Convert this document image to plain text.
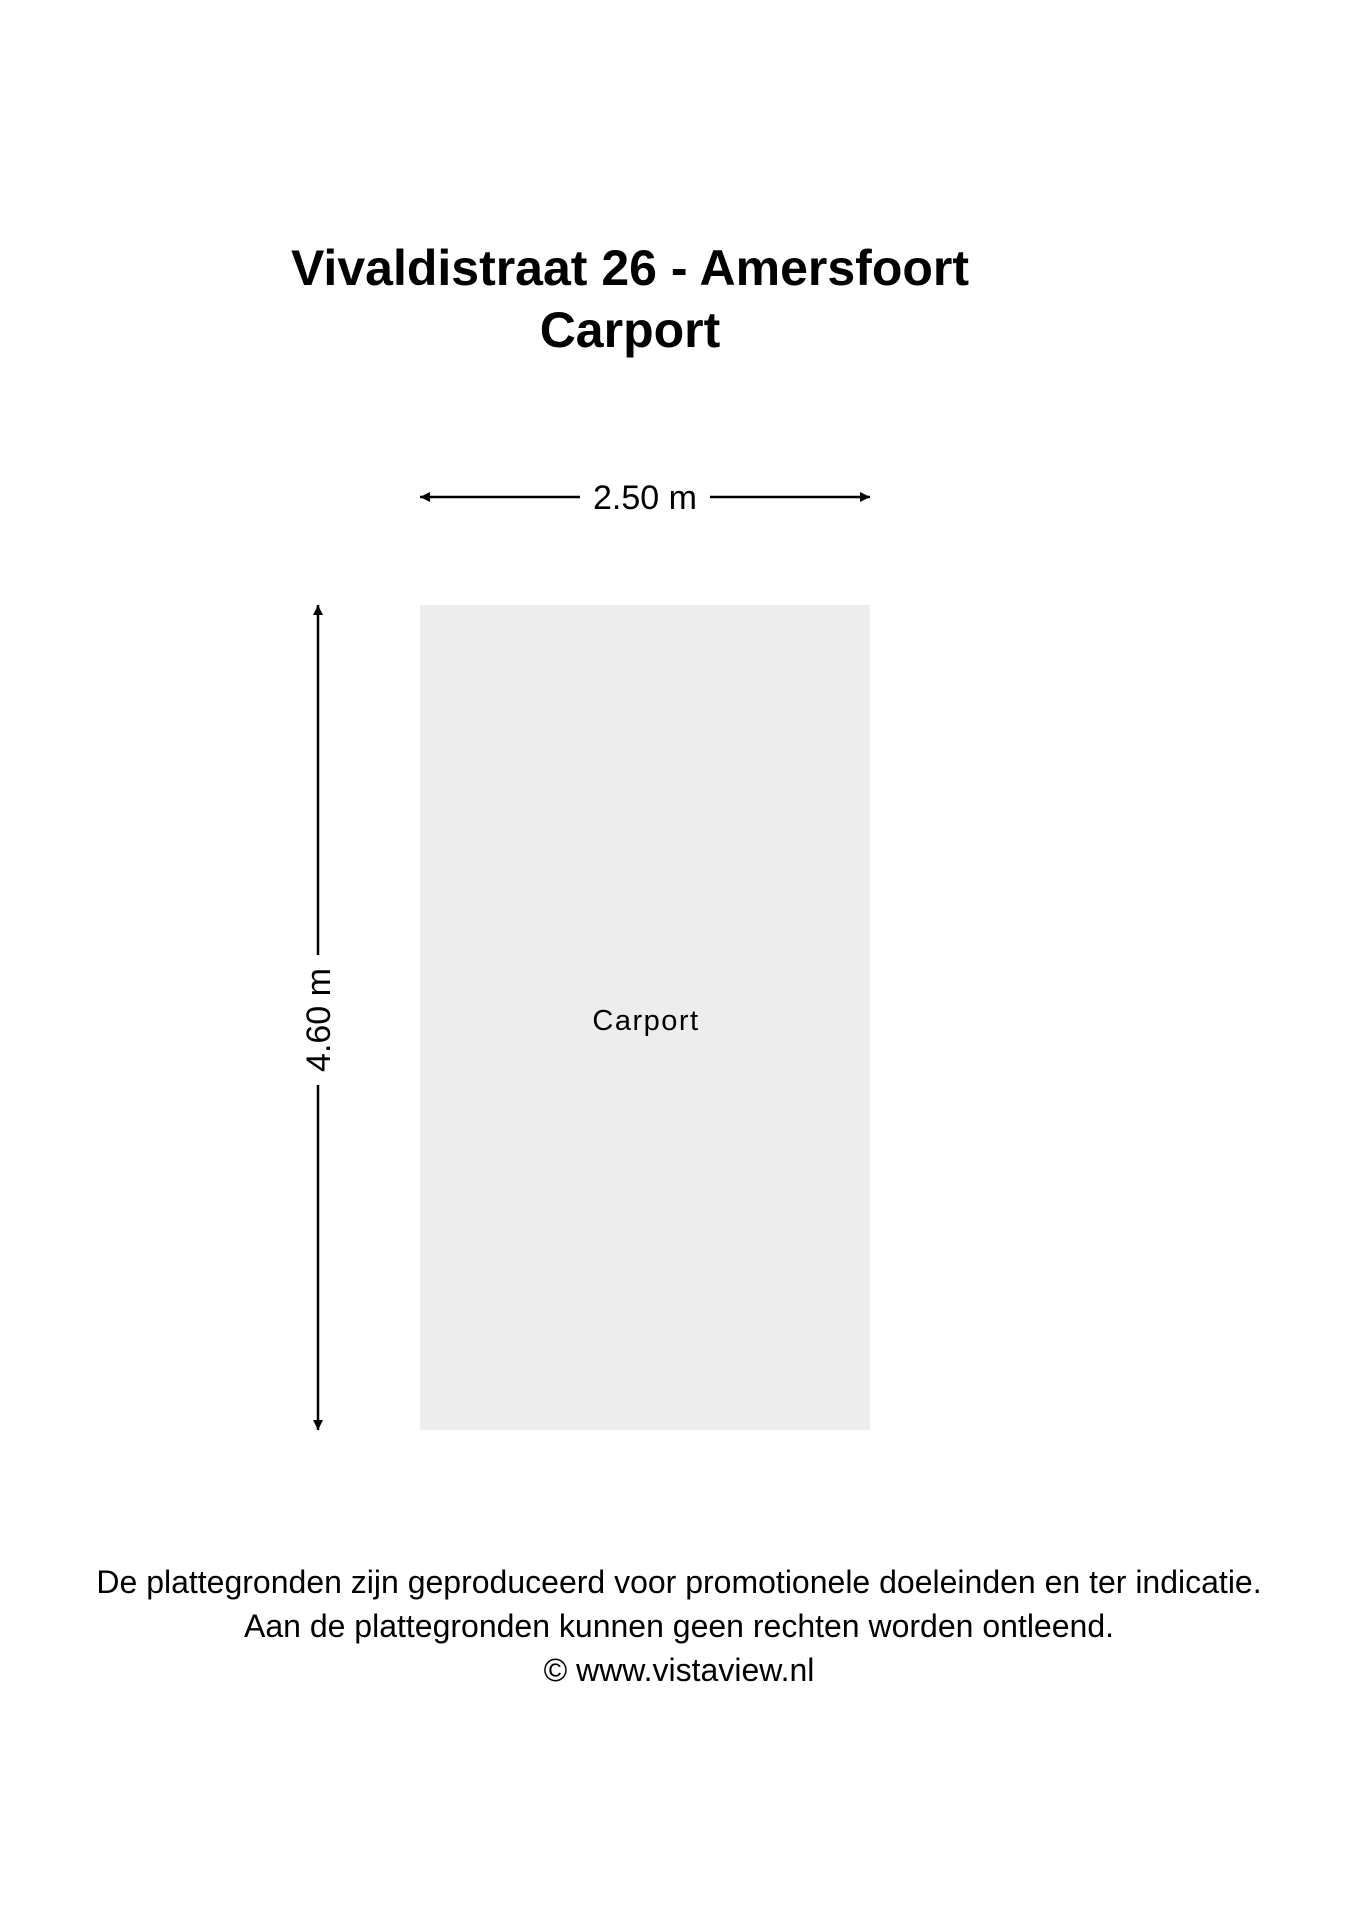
Vivaldistraat 26 - Amersfoort
Carport
Carport
2.50 m
4.60 m
De plattegronden zijn geproduceerd voor promotionele doeleinden en ter indicatie.
Aan de plattegronden kunnen geen rechten worden ontleend.
© www.vistaview.nl
